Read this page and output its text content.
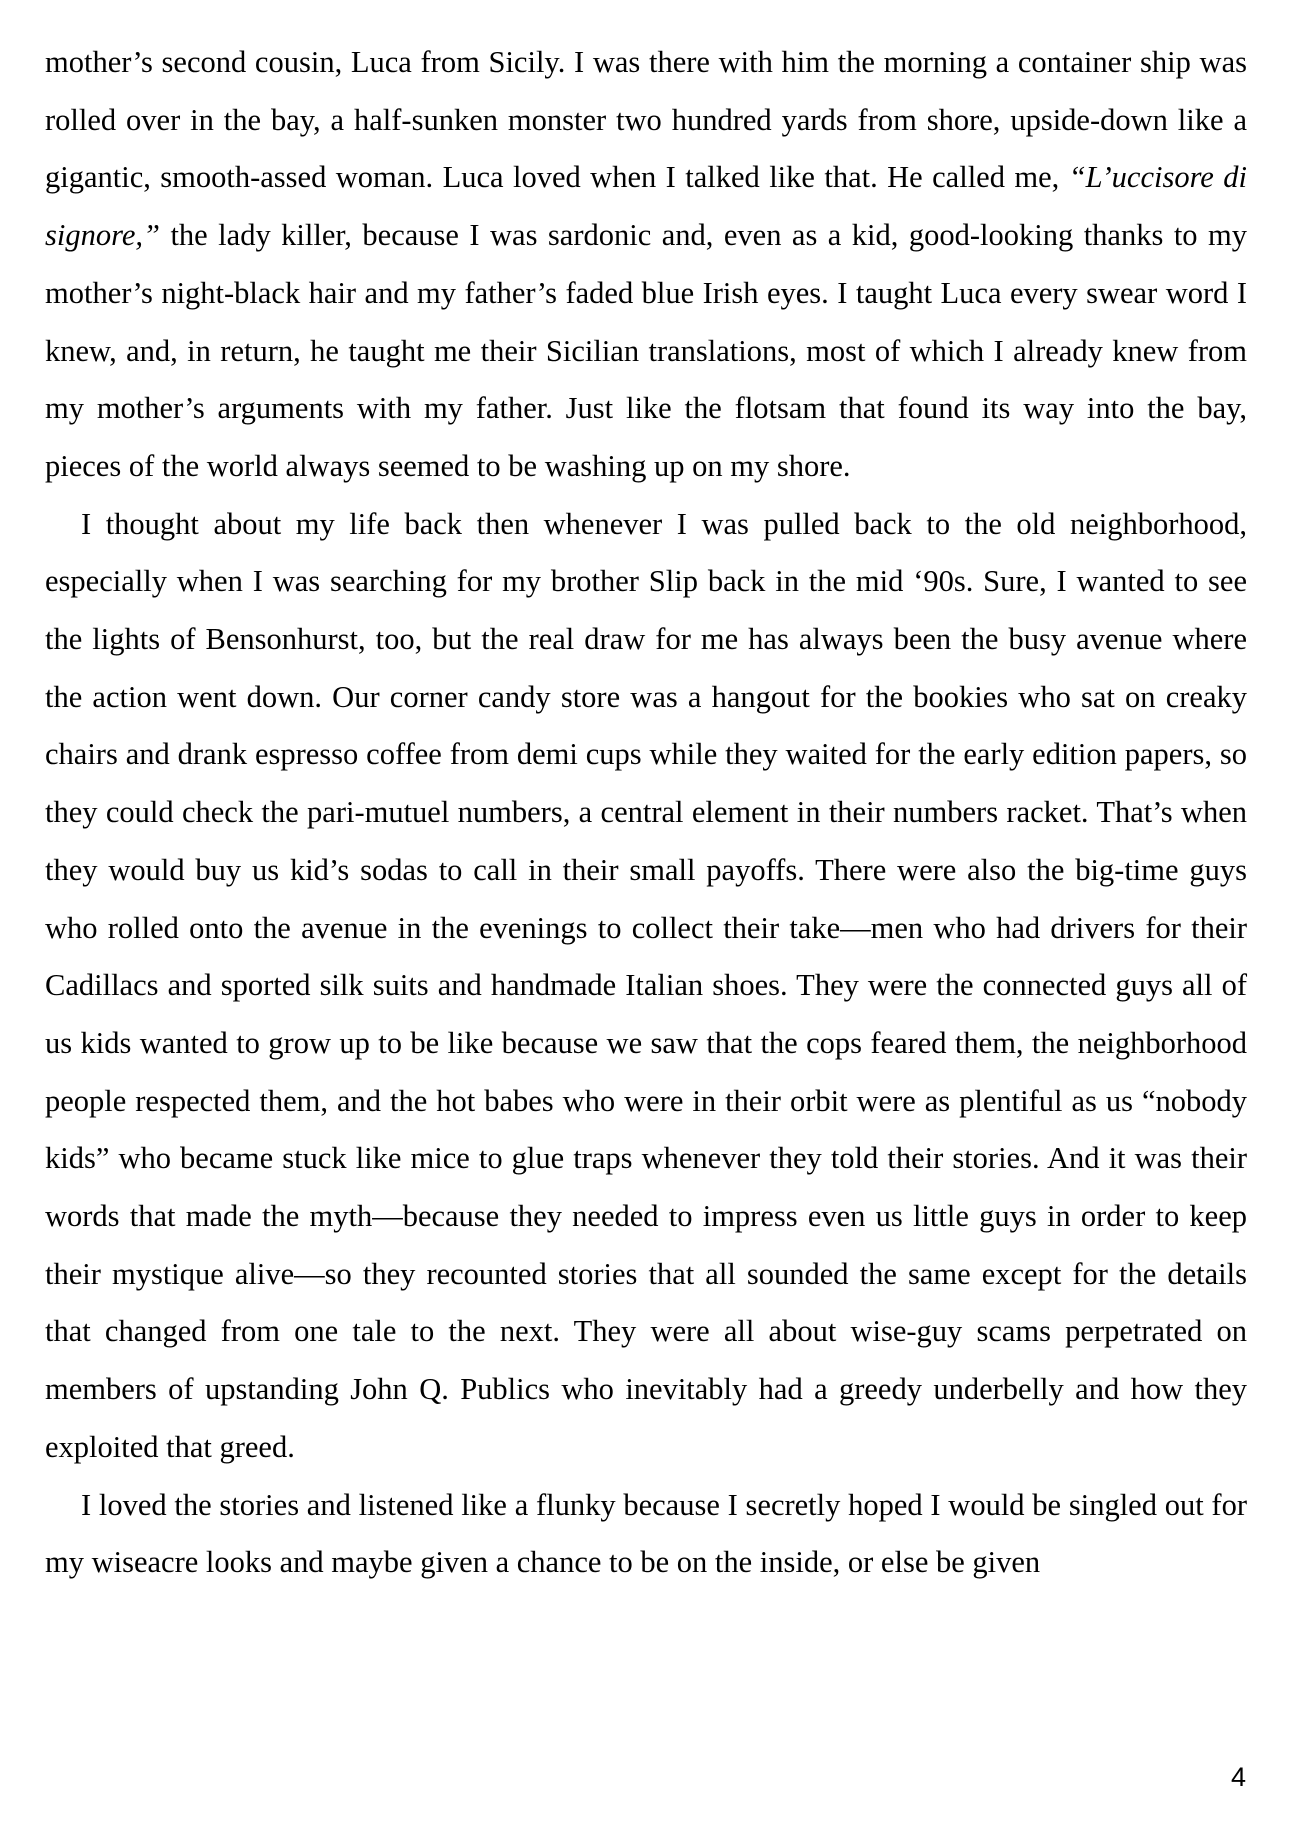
mother’s second cousin, Luca from Sicily. I was there with him the morning a container ship was rolled over in the bay, a half-sunken monster two hundred yards from shore, upside-down like a gigantic, smooth-assed woman. Luca loved when I talked like that. He called me, “L’uccisore di signore,” the lady killer, because I was sardonic and, even as a kid, good-looking thanks to my mother’s night-black hair and my father’s faded blue Irish eyes. I taught Luca every swear word I knew, and, in return, he taught me their Sicilian translations, most of which I already knew from my mother’s arguments with my father. Just like the flotsam that found its way into the bay, pieces of the world always seemed to be washing up on my shore.

I thought about my life back then whenever I was pulled back to the old neighborhood, especially when I was searching for my brother Slip back in the mid ‘90s. Sure, I wanted to see the lights of Bensonhurst, too, but the real draw for me has always been the busy avenue where the action went down. Our corner candy store was a hangout for the bookies who sat on creaky chairs and drank espresso coffee from demi cups while they waited for the early edition papers, so they could check the pari-mutuel numbers, a central element in their numbers racket. That’s when they would buy us kid’s sodas to call in their small payoffs. There were also the big-time guys who rolled onto the avenue in the evenings to collect their take—men who had drivers for their Cadillacs and sported silk suits and handmade Italian shoes. They were the connected guys all of us kids wanted to grow up to be like because we saw that the cops feared them, the neighborhood people respected them, and the hot babes who were in their orbit were as plentiful as us “nobody kids” who became stuck like mice to glue traps whenever they told their stories. And it was their words that made the myth—because they needed to impress even us little guys in order to keep their mystique alive—so they recounted stories that all sounded the same except for the details that changed from one tale to the next. They were all about wise-guy scams perpetrated on members of upstanding John Q. Publics who inevitably had a greedy underbelly and how they exploited that greed.

I loved the stories and listened like a flunky because I secretly hoped I would be singled out for my wiseacre looks and maybe given a chance to be on the inside, or else be given

4
